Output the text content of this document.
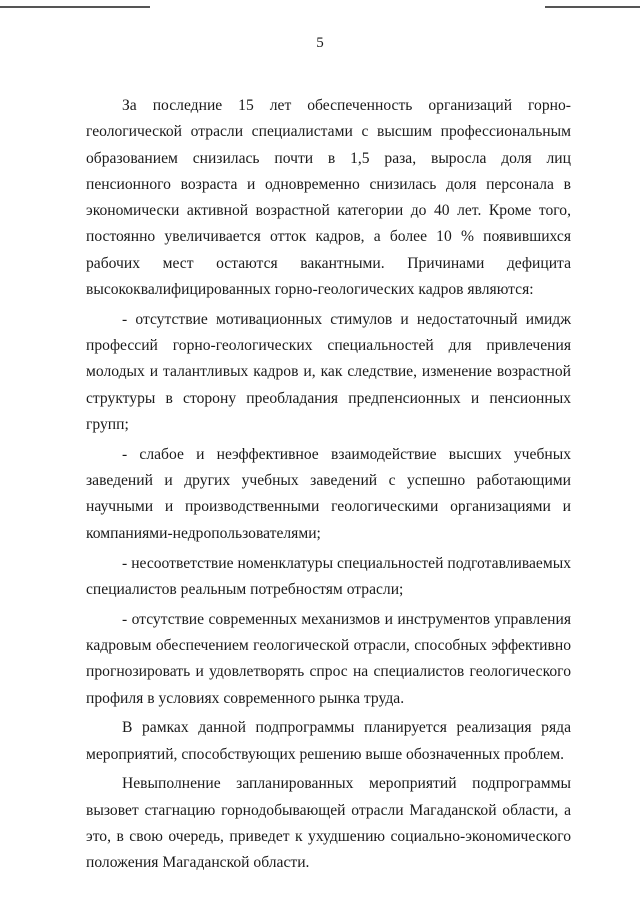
5

За последние 15 лет обеспеченность организаций горно-геологической отрасли специалистами с высшим профессиональным образованием снизилась почти в 1,5 раза, выросла доля лиц пенсионного возраста и одновременно снизилась доля персонала в экономически активной возрастной категории до 40 лет. Кроме того, постоянно увеличивается отток кадров, а более 10 % появившихся рабочих мест остаются вакантными. Причинами дефицита высококвалифицированных горно-геологических кадров являются:

- отсутствие мотивационных стимулов и недостаточный имидж профессий горно-геологических специальностей для привлечения молодых и талантливых кадров и, как следствие, изменение возрастной структуры в сторону преобладания предпенсионных и пенсионных групп;

- слабое и неэффективное взаимодействие высших учебных заведений и других учебных заведений с успешно работающими научными и производственными геологическими организациями и компаниями-недропользователями;

- несоответствие номенклатуры специальностей подготавливаемых специалистов реальным потребностям отрасли;

- отсутствие современных механизмов и инструментов управления кадровым обеспечением геологической отрасли, способных эффективно прогнозировать и удовлетворять спрос на специалистов геологического профиля в условиях современного рынка труда.

В рамках данной подпрограммы планируется реализация ряда мероприятий, способствующих решению выше обозначенных проблем.

Невыполнение запланированных мероприятий подпрограммы вызовет стагнацию горнодобывающей отрасли Магаданской области, а это, в свою очередь, приведет к ухудшению социально-экономического положения Магаданской области.
